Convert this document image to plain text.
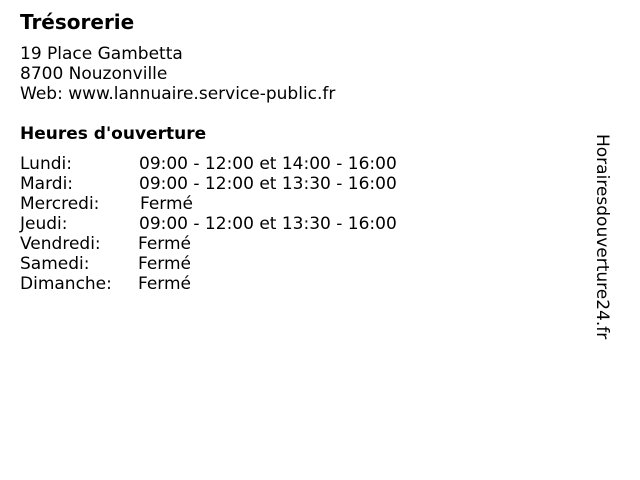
Trésorerie
19 Place Gambetta
8700 Nouzonville
Web: www.lannuaire.service-public.fr
Heures d'ouverture
Lundi:	09:00 - 12:00 et 14:00 - 16:00
Mardi:	09:00 - 12:00 et 13:30 - 16:00
Mercredi: Fermé
Jeudi:	09:00 - 12:00 et 13:30 - 16:00
Vendredi: Fermé
Samedi:	Fermé
Dimanche: Fermé	Horairesdouverture24.fr
